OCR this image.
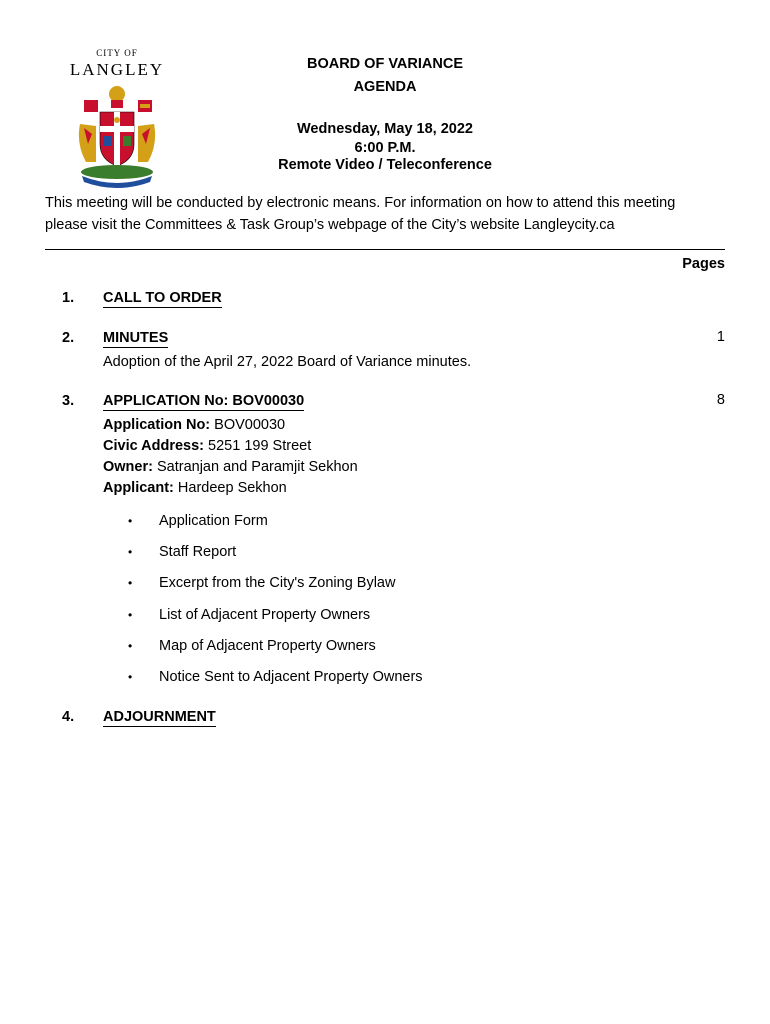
CITY OF
LANGLEY	BOARD OF VARIANCE
AGENDA
Wednesday, May 18, 2022
6:00 P.M.
Remote Video / Teleconference
This meeting will be conducted by electronic means. For information on how to attend this meeting
please visit the Committees & Task Group’s webpage of the City’s website Langleycity.ca
Pages
1. CALL TO ORDER
2. MINUTES	1
Adoption of the April 27, 2022 Board of Variance minutes.
3. APPLICATION No: BOV00030	8
Application No: BOV00030
Civic Address: 5251 199 Street
Owner: Satranjan and Paramjit Sekhon
Applicant: Hardeep Sekhon
• Application Form
• Staff Report
• Excerpt from the City's Zoning Bylaw
• List of Adjacent Property Owners
• Map of Adjacent Property Owners
• Notice Sent to Adjacent Property Owners
4. ADJOURNMENT
